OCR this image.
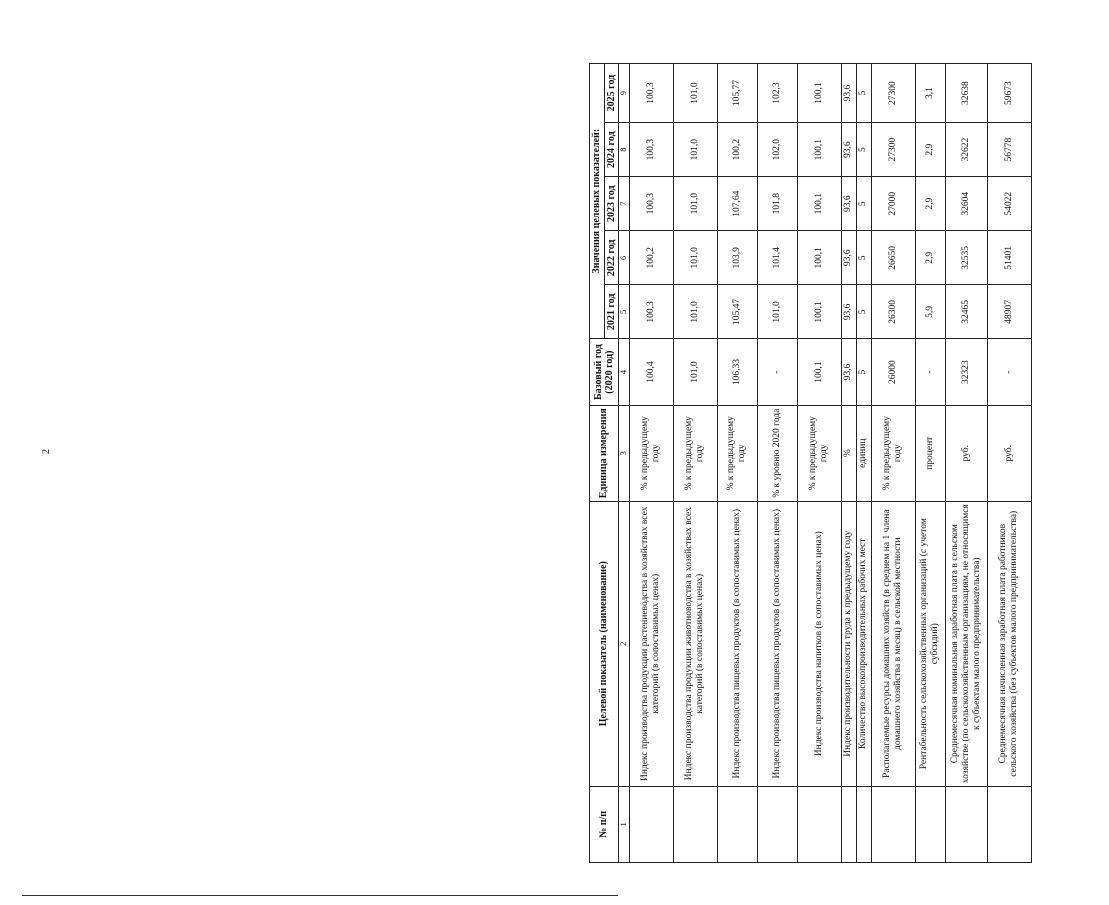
2
№ п/п	Целевой показатель (наименование)	Единица измерения	Базовый год (2020 год)	Значения целевых показателей:				
				2021 год	2022 год	2023 год	2024 год	2025 год
1	2	3	4	5	6	7	8	9
	Индекс производства продукции растениеводства в хозяйствах всех категорий (в сопоставимых ценах)	% к предыдущему году	100,4	100,3	100,2	100,3	100,3	100,3
	Индекс производства продукции животноводства в хозяйствах всех категорий (в сопоставимых ценах)	% к предыдущему году	101,0	101,0	101,0	101,0	101,0	101,0
	Индекс производства пищевых продуктов (в сопоставимых ценах)	% к предыдущему году	106,33	105,47	103,9	107,64	100,2	105,77
	Индекс производства пищевых продуктов (в сопоставимых ценах)	% к уровню 2020 года	-	101,0	101,4	101,8	102,0	102,3
	Индекс производства напитков (в сопоставимых ценах)	% к предыдущему году	100,1	100,1	100,1	100,1	100,1	100,1
	Индекс производительности труда к предыдущему году	%	93,6	93,6	93,6	93,6	93,6	93,6
	Количество высокопроизводительных рабочих мест	единиц	5	5	5	5	5	5
	Располагаемые ресурсы домашних хозяйств (в среднем на 1 члена домашнего хозяйства в месяц) в сельской местности	% к предыдущему году	26000	26300	26650	27000	27300	27300
	Рентабельность сельскохозяйственных организаций (с учетом субсидий)	процент	-	5,9	2,9	2,9	2,9	3,1
	Среднемесячная номинальная заработная плата в сельском хозяйстве (по сельскохозяйственным организациям, не относящимся к субъектам малого предпринимательства)	руб.	32323	32465	32535	32604	32622	32638
	Среднемесячная начисленная заработная плата работников сельского хозяйства (без субъектов малого предпринимательства)	руб.	-	48907	51401	54022	56778	59673
